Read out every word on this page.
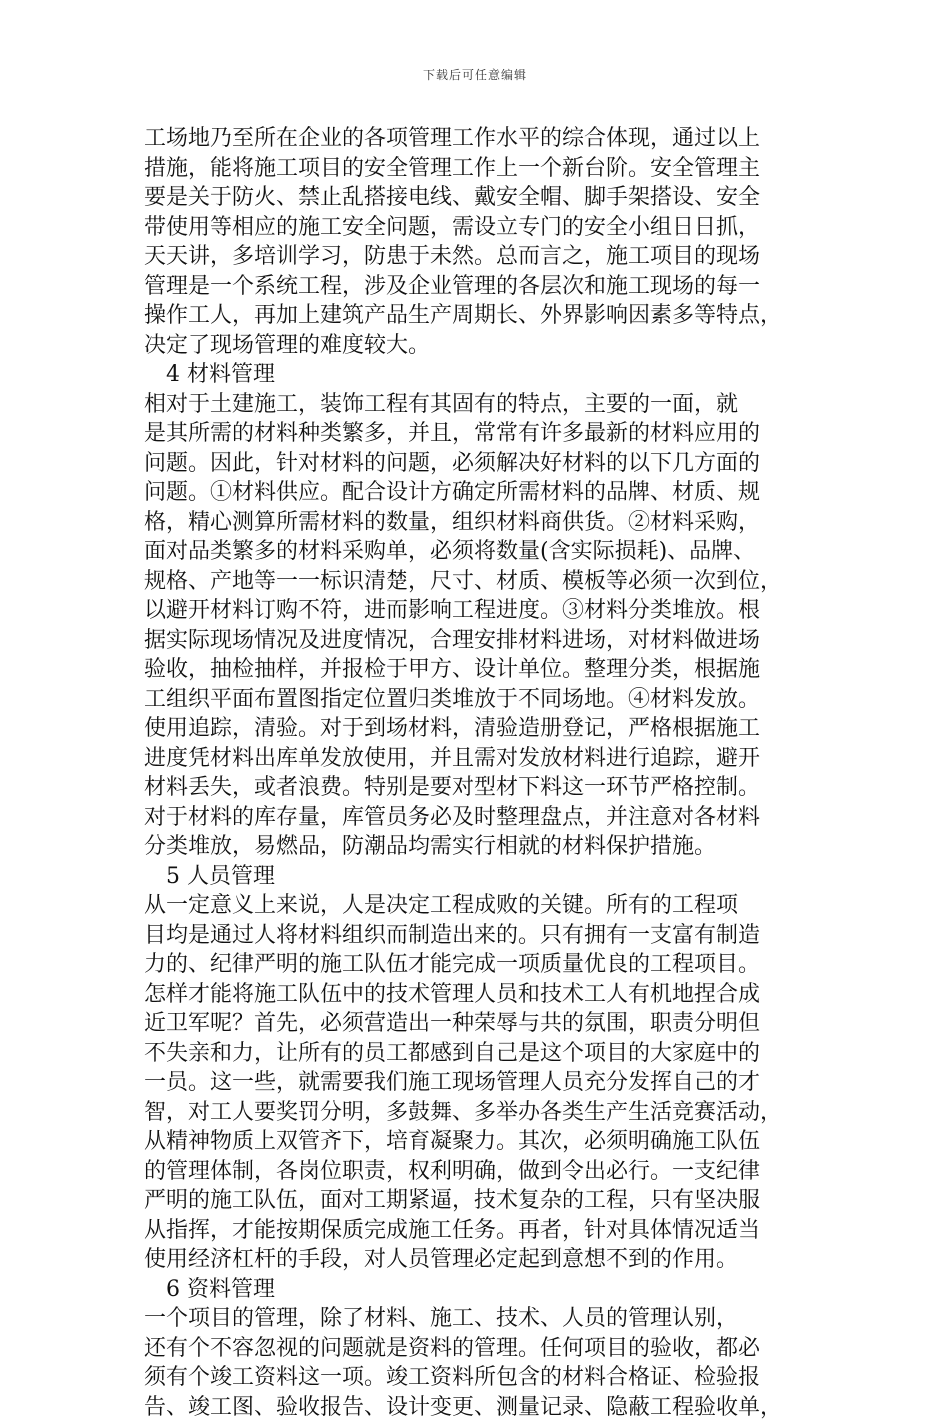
下载后可任意编辑
工场地乃至所在企业的各项管理工作水平的综合体现，通过以上
措施，能将施工项目的安全管理工作上一个新台阶。安全管理主
要是关于防火、禁止乱搭接电线、戴安全帽、脚手架搭设、安全
带使用等相应的施工安全问题，需设立专门的安全小组日日抓，
天天讲，多培训学习，防患于未然。总而言之，施工项目的现场
管理是一个系统工程，涉及企业管理的各层次和施工现场的每一
操作工人，再加上建筑产品生产周期长、外界影响因素多等特点，
决定了现场管理的难度较大。
4 材料管理
相对于土建施工，装饰工程有其固有的特点，主要的一面，就
是其所需的材料种类繁多，并且，常常有许多最新的材料应用的
问题。因此，针对材料的问题，必须解决好材料的以下几方面的
问题。①材料供应。配合设计方确定所需材料的品牌、材质、规
格，精心测算所需材料的数量，组织材料商供货。②材料采购，
面对品类繁多的材料采购单，必须将数量(含实际损耗)、品牌、
规格、产地等一一标识清楚，尺寸、材质、模板等必须一次到位，
以避开材料订购不符，进而影响工程进度。③材料分类堆放。根
据实际现场情况及进度情况，合理安排材料进场，对材料做进场
验收，抽检抽样，并报检于甲方、设计单位。整理分类，根据施
工组织平面布置图指定位置归类堆放于不同场地。④材料发放。
使用追踪，清验。对于到场材料，清验造册登记，严格根据施工
进度凭材料出库单发放使用，并且需对发放材料进行追踪，避开
材料丢失，或者浪费。特别是要对型材下料这一环节严格控制。
对于材料的库存量，库管员务必及时整理盘点，并注意对各材料
分类堆放，易燃品，防潮品均需实行相就的材料保护措施。
5 人员管理
从一定意义上来说，人是决定工程成败的关键。所有的工程项
目均是通过人将材料组织而制造出来的。只有拥有一支富有制造
力的、纪律严明的施工队伍才能完成一项质量优良的工程项目。
怎样才能将施工队伍中的技术管理人员和技术工人有机地捏合成
近卫军呢？首先，必须营造出一种荣辱与共的氛围，职责分明但
不失亲和力，让所有的员工都感到自己是这个项目的大家庭中的
一员。这一些，就需要我们施工现场管理人员充分发挥自己的才
智，对工人要奖罚分明，多鼓舞、多举办各类生产生活竞赛活动，
从精神物质上双管齐下，培育凝聚力。其次，必须明确施工队伍
的管理体制，各岗位职责，权利明确，做到令出必行。一支纪律
严明的施工队伍，面对工期紧逼，技术复杂的工程，只有坚决服
从指挥，才能按期保质完成施工任务。再者，针对具体情况适当
使用经济杠杆的手段，对人员管理必定起到意想不到的作用。
6 资料管理
一个项目的管理，除了材料、施工、技术、人员的管理认别，
还有个不容忽视的问题就是资料的管理。任何项目的验收，都必
须有个竣工资料这一项。竣工资料所包含的材料合格证、检验报
告、竣工图、验收报告、设计变更、测量记录、隐蔽工程验收单，
